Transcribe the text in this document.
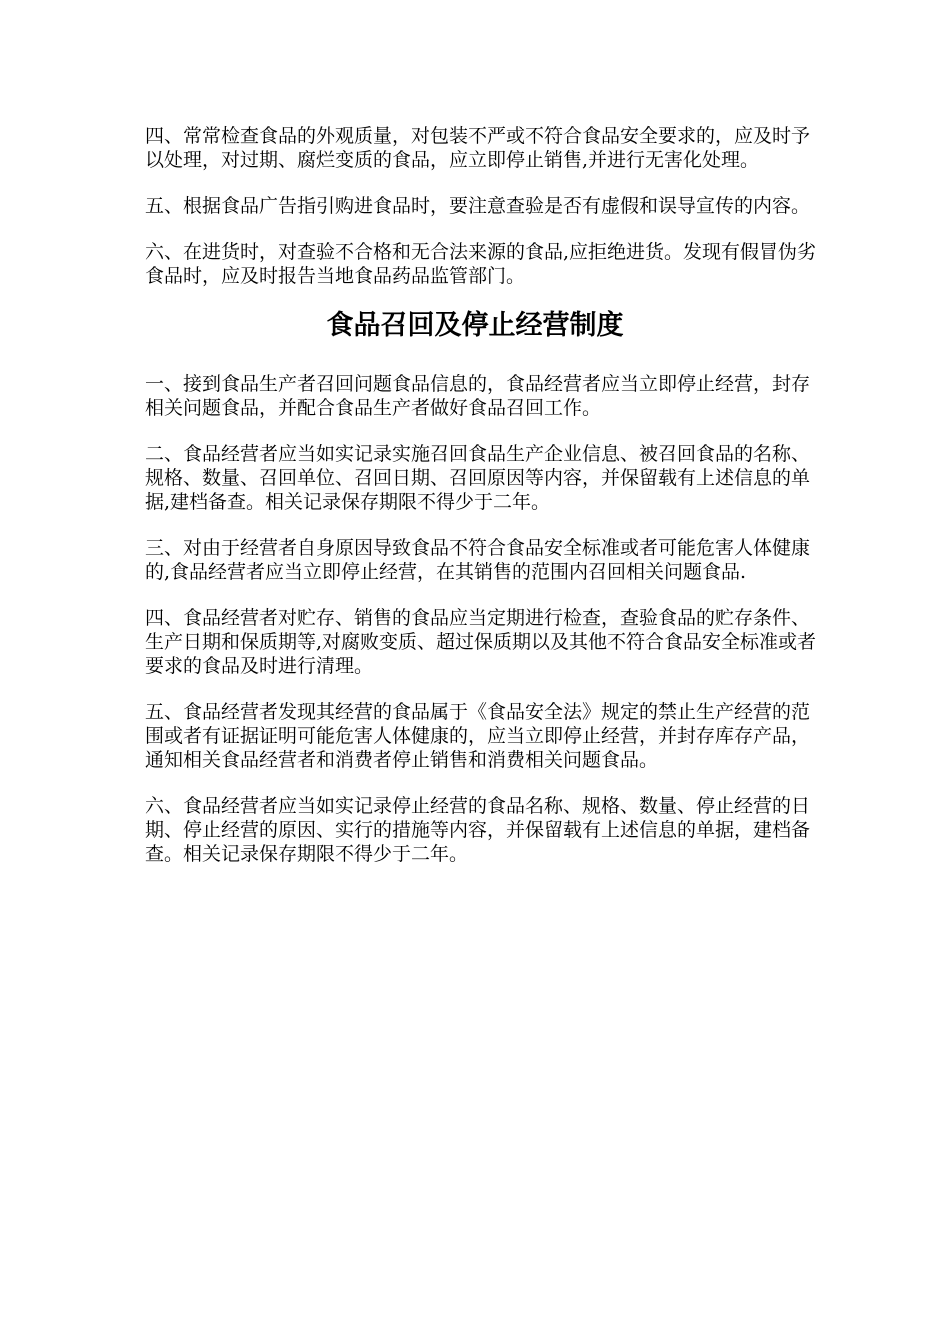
四、常常检查食品的外观质量，对包装不严或不符合食品安全要求的，应及时予以处理，对过期、腐烂变质的食品，应立即停止销售,并进行无害化处理。

五、根据食品广告指引购进食品时，要注意查验是否有虚假和误导宣传的内容。

六、在进货时，对查验不合格和无合法来源的食品,应拒绝进货。发现有假冒伪劣食品时，应及时报告当地食品药品监管部门。

食品召回及停止经营制度

一、接到食品生产者召回问题食品信息的，食品经营者应当立即停止经营，封存相关问题食品，并配合食品生产者做好食品召回工作。

二、食品经营者应当如实记录实施召回食品生产企业信息、被召回食品的名称、规格、数量、召回单位、召回日期、召回原因等内容，并保留载有上述信息的单据,建档备查。相关记录保存期限不得少于二年。

三、对由于经营者自身原因导致食品不符合食品安全标准或者可能危害人体健康的,食品经营者应当立即停止经营，在其销售的范围内召回相关问题食品.

四、食品经营者对贮存、销售的食品应当定期进行检查，查验食品的贮存条件、生产日期和保质期等,对腐败变质、超过保质期以及其他不符合食品安全标准或者要求的食品及时进行清理。

五、食品经营者发现其经营的食品属于《食品安全法》规定的禁止生产经营的范围或者有证据证明可能危害人体健康的，应当立即停止经营，并封存库存产品，通知相关食品经营者和消费者停止销售和消费相关问题食品。

六、食品经营者应当如实记录停止经营的食品名称、规格、数量、停止经营的日期、停止经营的原因、实行的措施等内容，并保留载有上述信息的单据，建档备查。相关记录保存期限不得少于二年。
